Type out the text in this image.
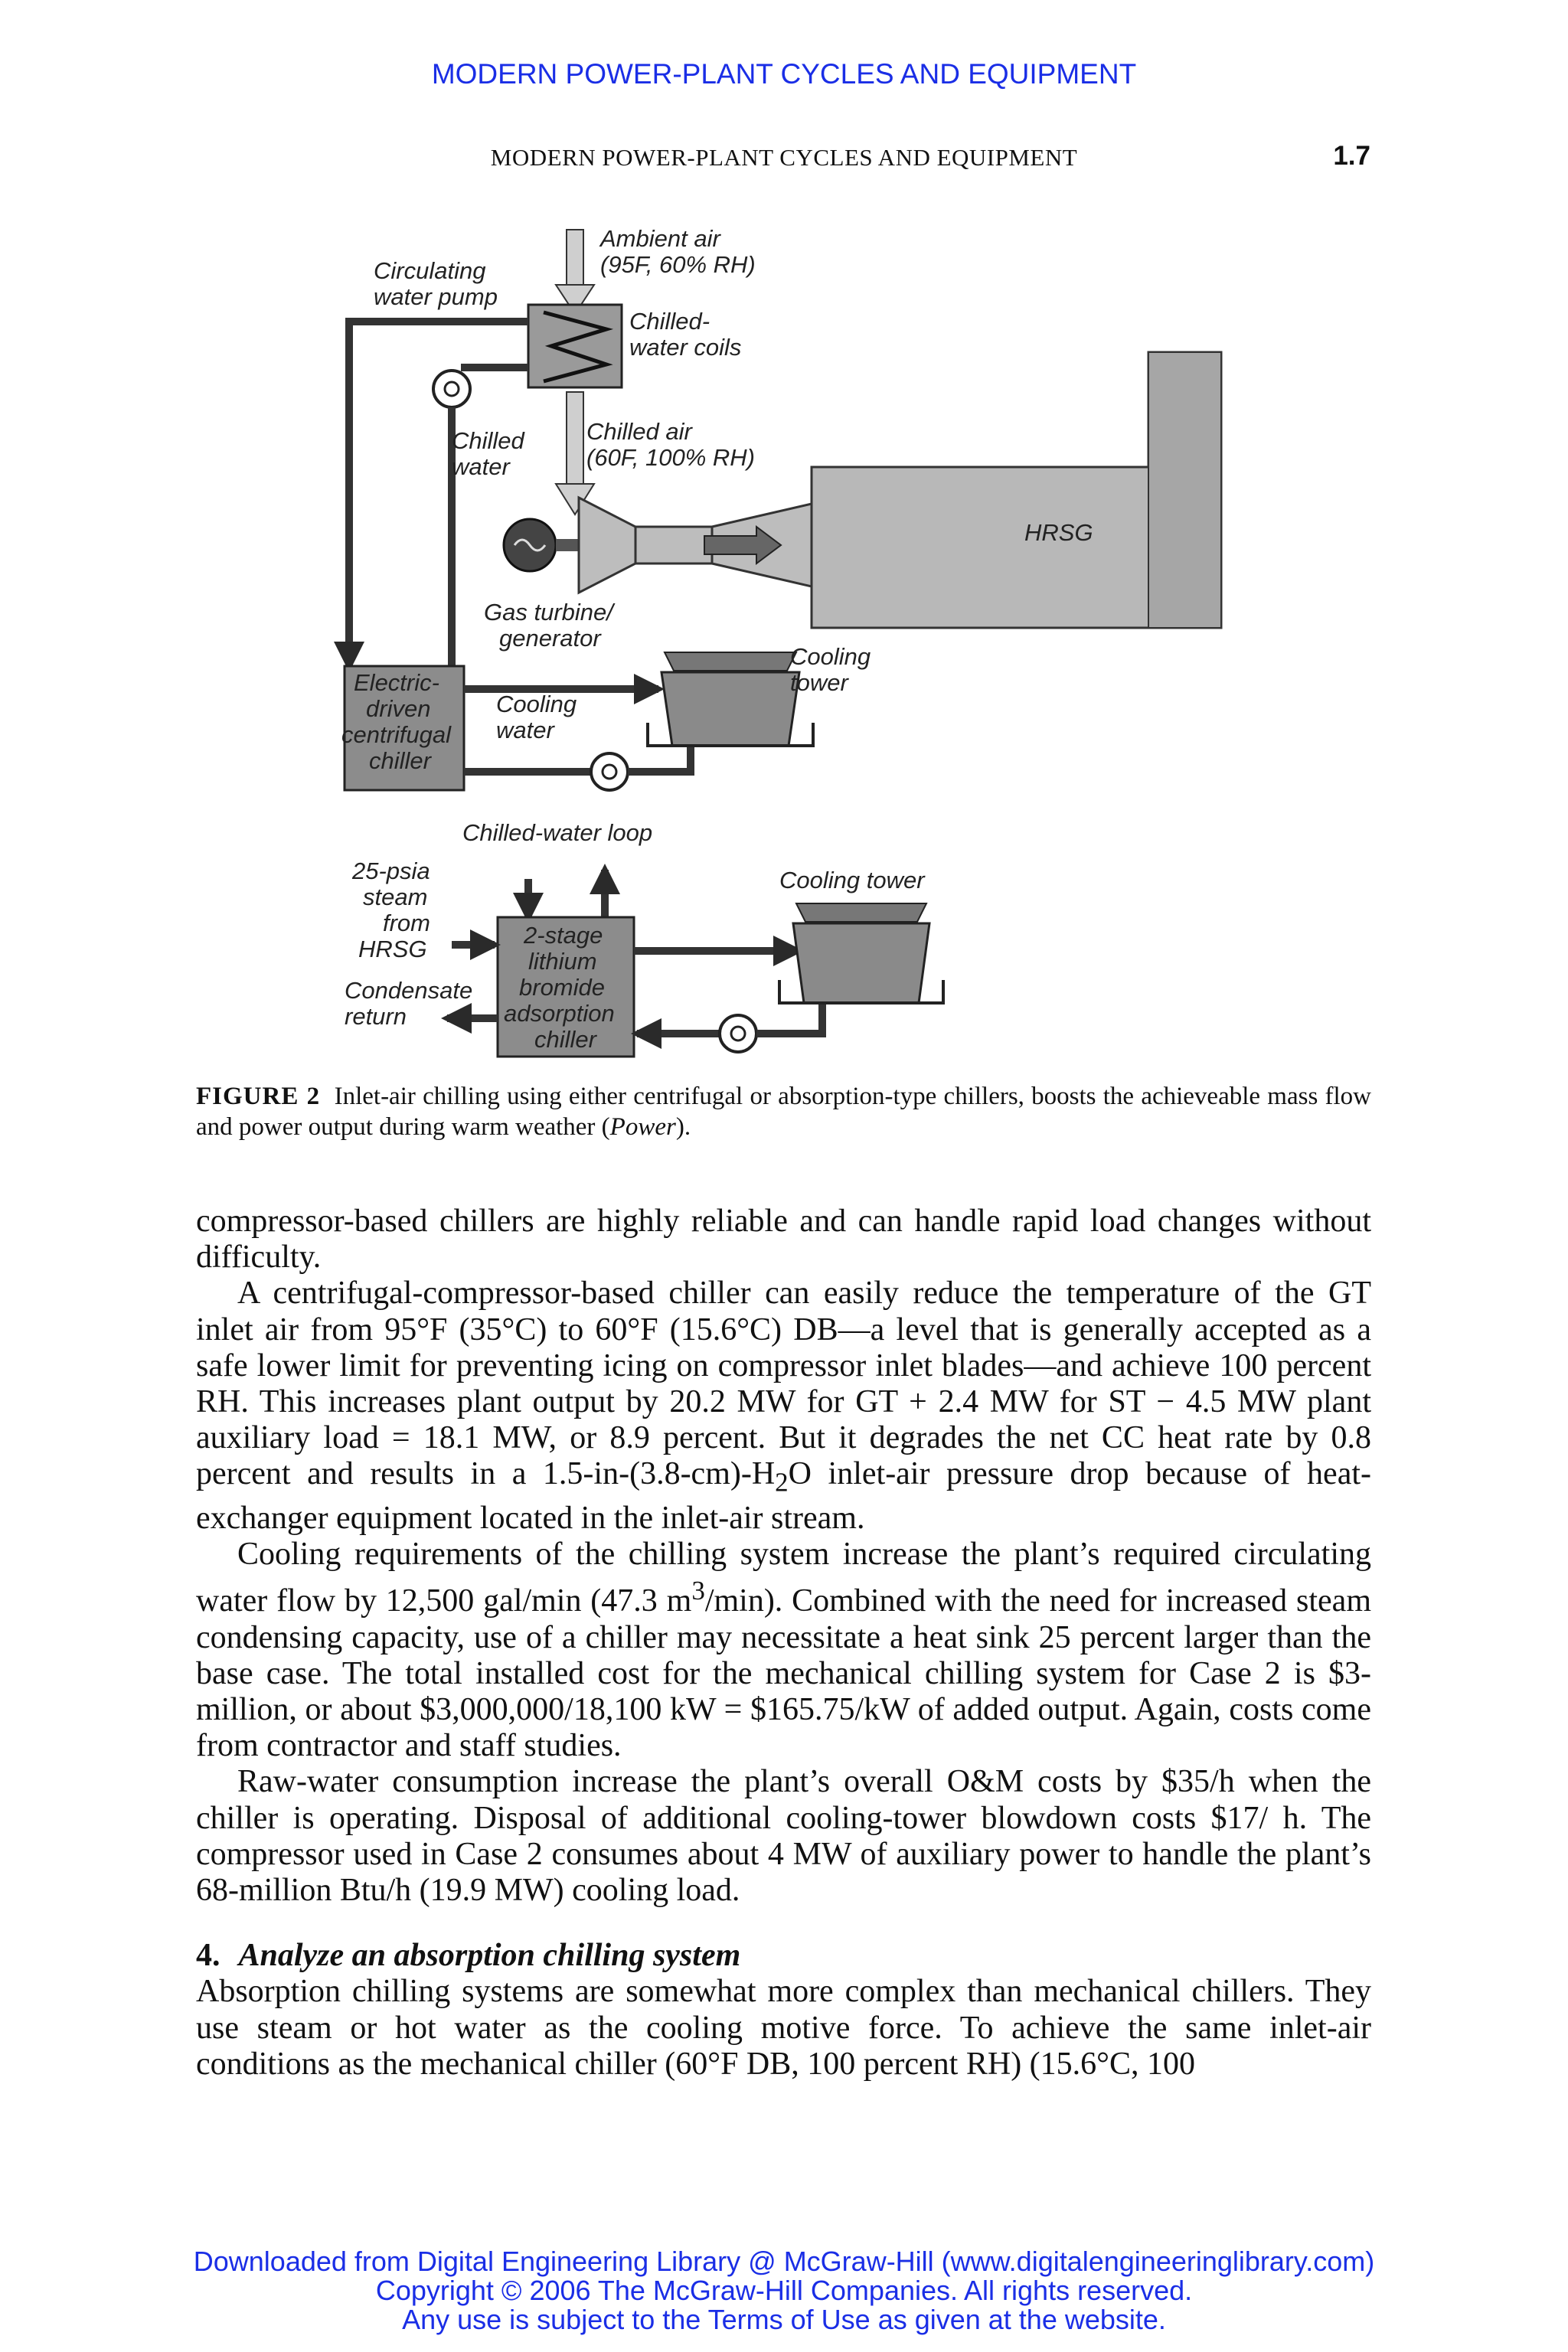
MODERN POWER-PLANT CYCLES AND EQUIPMENT
MODERN POWER-PLANT CYCLES AND EQUIPMENT	1.7
Ambient air
(95F, 60% RH)
Circulating
water pump
Chilled-
water coils
Chilled
water
Chilled air
(60F, 100% RH)
HRSG
Gas turbine/
generator
Cooling
tower
Electric-
driven
centrifugal
chiller
Cooling
water
Chilled-water loop
25-psia
steam
from
HRSG
Cooling tower
Condensate
return
2-stage
lithium
bromide
adsorption
chiller
FIGURE 2 Inlet-air chilling using either centrifugal or absorption-type chillers, boosts the achieveable mass flow and power output during warm weather (Power).

compressor-based chillers are highly reliable and can handle rapid load changes without difficulty.

A centrifugal-compressor-based chiller can easily reduce the temperature of the GT inlet air from 95°F (35°C) to 60°F (15.6°C) DB—a level that is generally accepted as a safe lower limit for preventing icing on compressor inlet blades—and achieve 100 percent RH. This increases plant output by 20.2 MW for GT + 2.4 MW for ST − 4.5 MW plant auxiliary load = 18.1 MW, or 8.9 percent. But it degrades the net CC heat rate by 0.8 percent and results in a $1.5-in-(3.8-cm)-H_2O$ inlet-air pressure drop because of heat-exchanger equipment located in the inlet-air stream.

Cooling requirements of the chilling system increase the plant’s required circulating water flow by 12,500 gal/min (47.3 $m^3/\min$). Combined with the need for increased steam condensing capacity, use of a chiller may necessitate a heat sink 25 percent larger than the base case. The total installed cost for the mechanical chilling system for Case 2 is $3-million, or about $3,000,000/18,100 kW = $165.75/kW of added output. Again, costs come from contractor and staff studies.

Raw-water consumption increase the plant’s overall O&M costs by $35/h when the chiller is operating. Disposal of additional cooling-tower blowdown costs $17/ h. The compressor used in Case 2 consumes about 4 MW of auxiliary power to handle the plant’s 68-million Btu/h (19.9 MW) cooling load.

4. Analyze an absorption chilling system

Absorption chilling systems are somewhat more complex than mechanical chillers. They use steam or hot water as the cooling motive force. To achieve the same inlet-air conditions as the mechanical chiller (60°F DB, 100 percent RH) (15.6°C, 100

Downloaded from Digital Engineering Library @ McGraw-Hill (www.digitalengineeringlibrary.com)
Copyright © 2006 The McGraw-Hill Companies. All rights reserved.
Any use is subject to the Terms of Use as given at the website.
